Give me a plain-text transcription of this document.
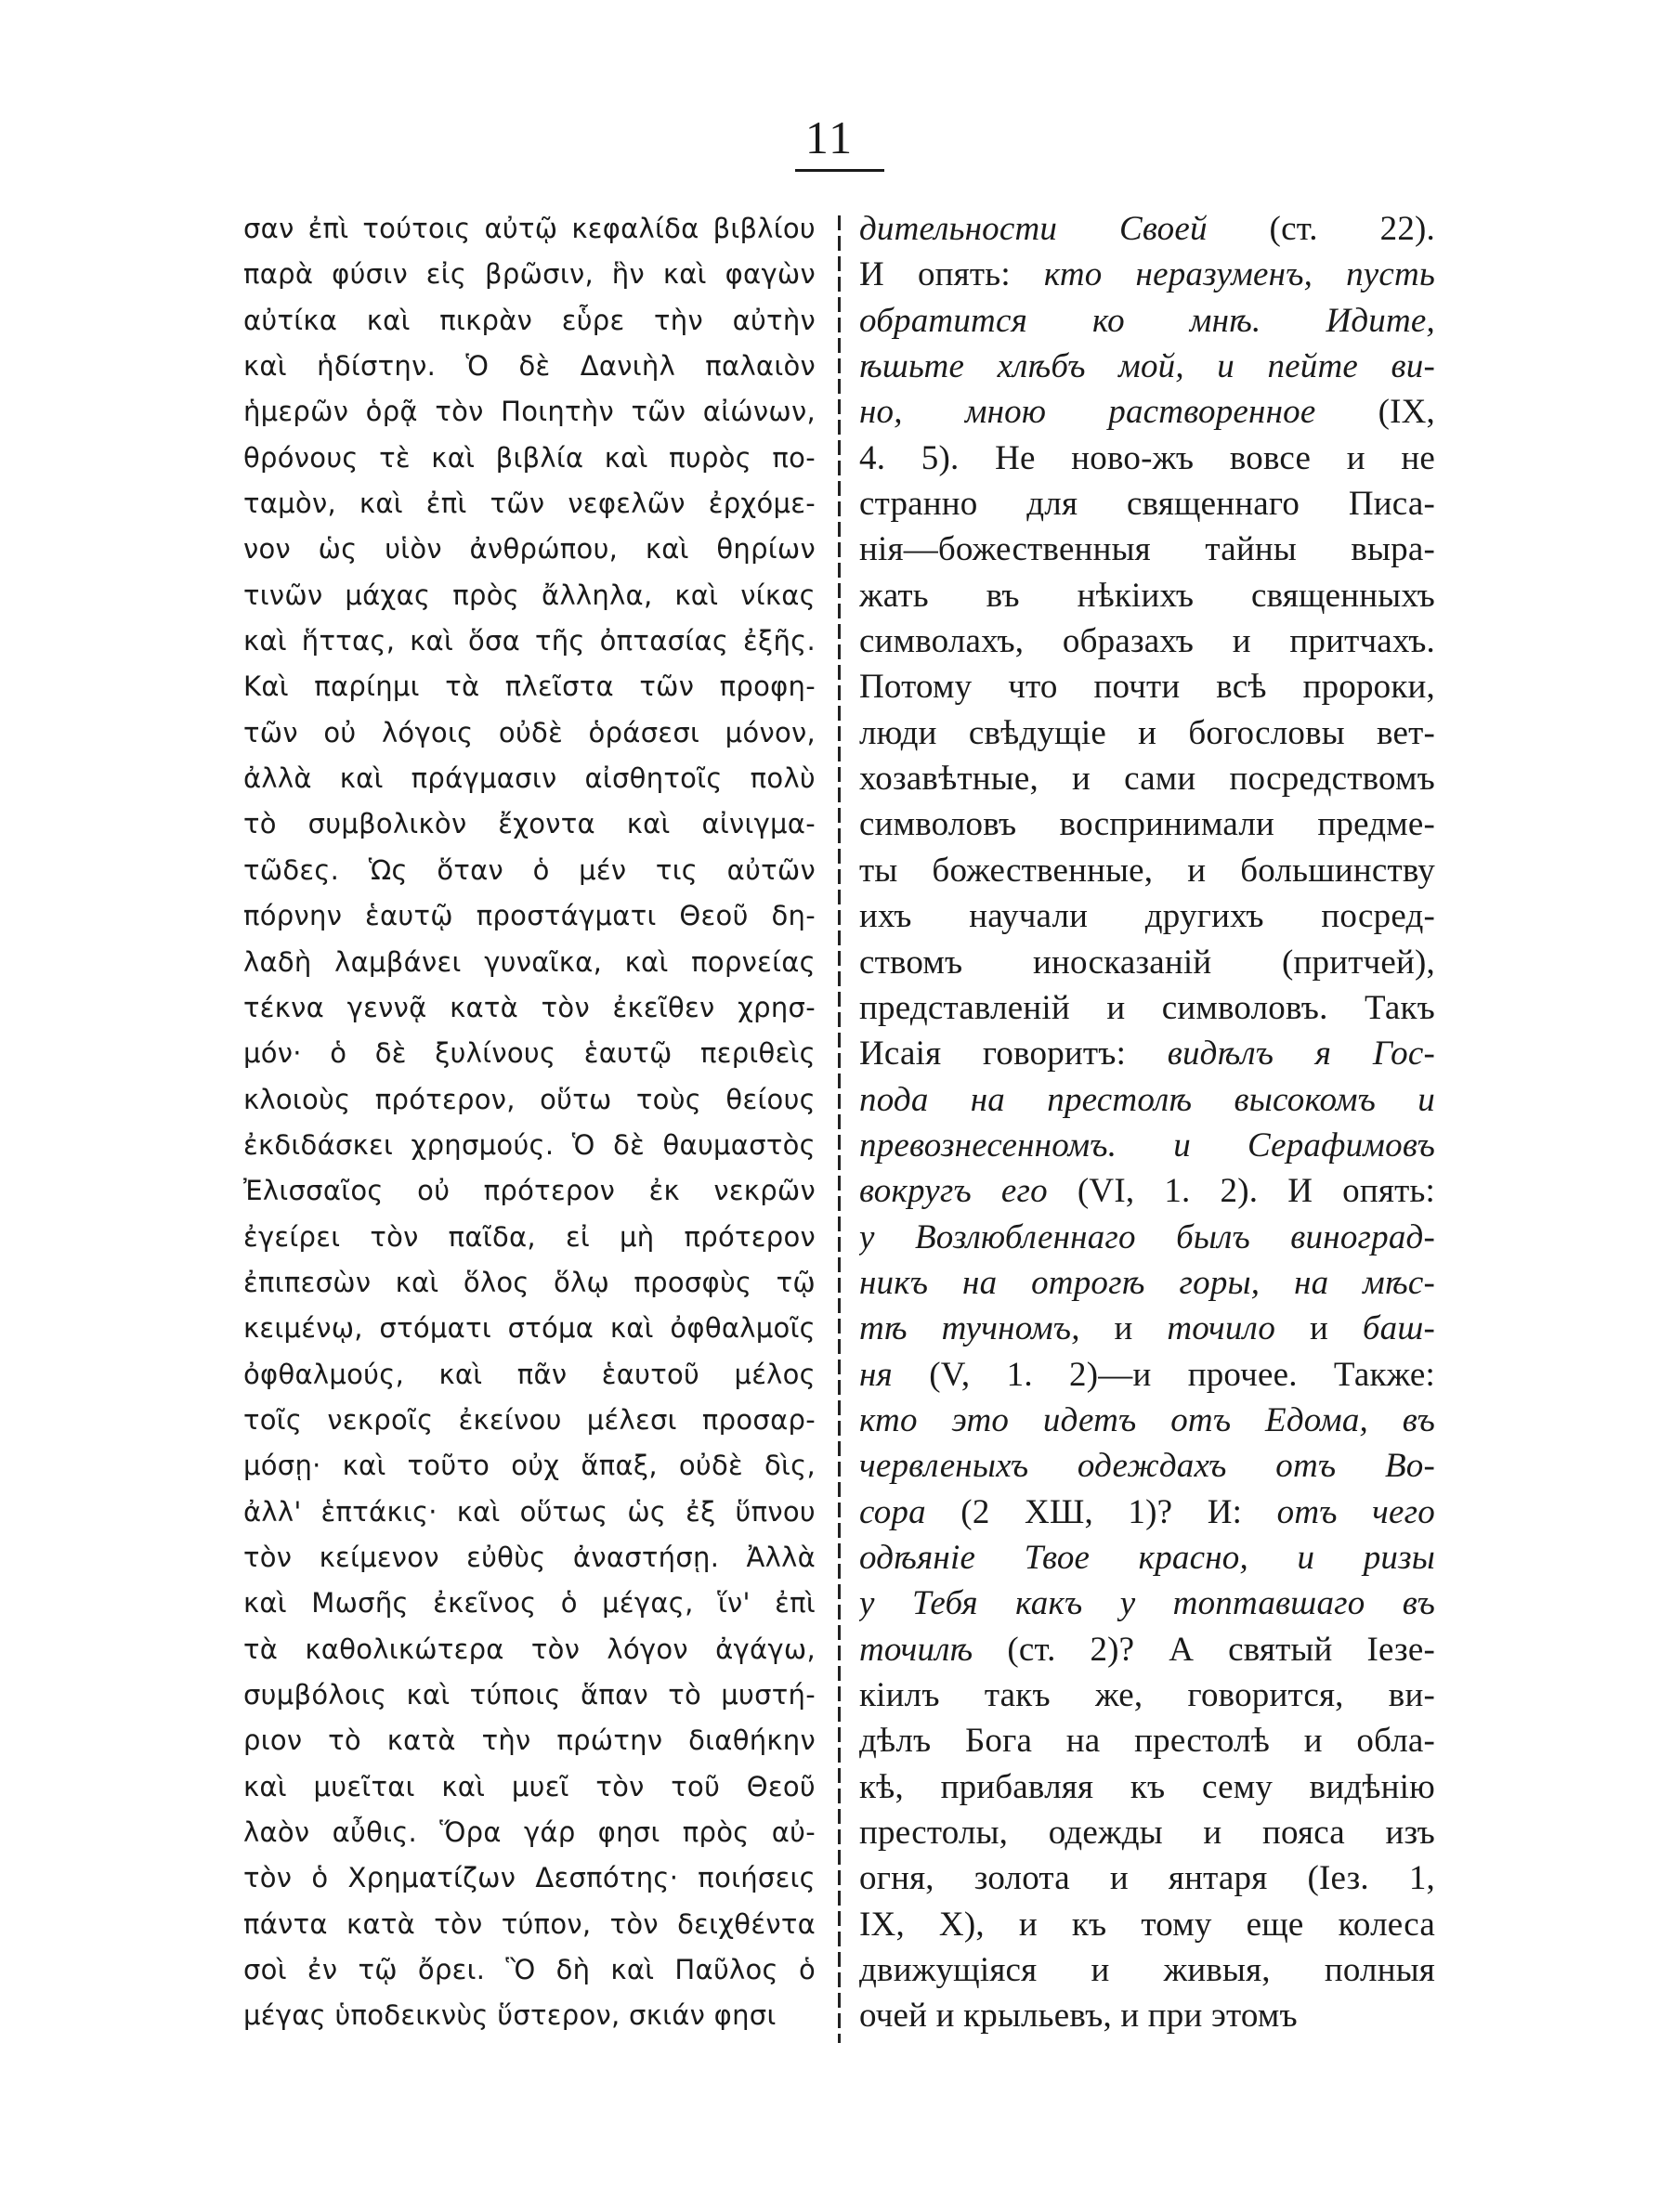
11
σαν ἐπὶ τούτοις αὐτῷ κεφαλίδα βιβλίου
παρὰ φύσιν εἰς βρῶσιν, ἣν καὶ φαγὼν
αὐτίκα καὶ πικρὰν εὗρε τὴν αὐτὴν
καὶ ἡδίστην. Ὁ δὲ Δανιὴλ παλαιὸν
ἡμερῶν ὁρᾷ τὸν Ποιητὴν τῶν αἰώνων,
θρόνους τὲ καὶ βιβλία καὶ πυρὸς πο-
ταμὸν, καὶ ἐπὶ τῶν νεφελῶν ἐρχόμε-
νον ὡς υἱὸν ἀνθρώπου, καὶ θηρίων
τινῶν μάχας πρὸς ἄλληλα, καὶ νίκας
καὶ ἥττας, καὶ ὅσα τῆς ὀπτασίας ἐξῆς.
Καὶ παρίημι τὰ πλεῖστα τῶν προφη-
τῶν οὐ λόγοις οὐδὲ ὁράσεσι μόνον,
ἀλλὰ καὶ πράγμασιν αἰσθητοῖς πολὺ
τὸ συμβολικὸν ἔχοντα καὶ αἰνιγμα-
τῶδες. Ὡς ὅταν ὁ μέν τις αὐτῶν
πόρνην ἑαυτῷ προστάγματι Θεοῦ δη-
λαδὴ λαμβάνει γυναῖκα, καὶ πορνείας
τέκνα γεννᾷ κατὰ τὸν ἐκεῖθεν χρησ-
μόν· ὁ δὲ ξυλίνους ἑαυτῷ περιθεὶς
κλοιοὺς πρότερον, οὕτω τοὺς θείους
ἐκδιδάσκει χρησμούς. Ὁ δὲ θαυμαστὸς
Ἐλισσαῖος οὐ πρότερον ἐκ νεκρῶν
ἐγείρει τὸν παῖδα, εἰ μὴ πρότερον
ἐπιπεσὼν καὶ ὅλος ὅλῳ προσφὺς τῷ
κειμένῳ, στόματι στόμα καὶ ὀφθαλμοῖς
ὀφθαλμούς, καὶ πᾶν ἑαυτοῦ μέλος
τοῖς νεκροῖς ἐκείνου μέλεσι προσαρ-
μόσῃ· καὶ τοῦτο οὐχ ἅπαξ, οὐδὲ δὶς,
ἀλλ' ἑπτάκις· καὶ οὕτως ὡς ἐξ ὕπνου
τὸν κείμενον εὐθὺς ἀναστήσῃ. Ἀλλὰ
καὶ Μωσῆς ἐκεῖνος ὁ μέγας, ἵν' ἐπὶ
τὰ καθολικώτερα τὸν λόγον ἀγάγω,
συμβόλοις καὶ τύποις ἅπαν τὸ μυστή-
ριον τὸ κατὰ τὴν πρώτην διαθήκην
καὶ μυεῖται καὶ μυεῖ τὸν τοῦ Θεοῦ
λαὸν αὖθις. Ὅρα γάρ φησι πρὸς αὐ-
τὸν ὁ Χρηματίζων Δεσπότης· ποιήσεις
πάντα κατὰ τὸν τύπον, τὸν δειχθέντα
σοὶ ἐν τῷ ὄρει. Ὃ δὴ καὶ Παῦλος ὁ
μέγας ὑποδεικνὺς ὕστερον, σκιάν φησι
дительности Своей (ст. 22).
И опять: кто неразуменъ, пусть
обратится ко мнѣ. Идите,
ѣшьте хлѣбъ мой, и пейте ви-
но, мною растворенное (IX,
4. 5). Не ново-жъ вовсе и не
странно для священнаго Писа-
нія—божественныя тайны выра-
жать въ нѣкіихъ священныхъ
символахъ, образахъ и притчахъ.
Потому что почти всѣ пророки,
люди свѣдущіе и богословы вет-
хозавѣтные, и сами посредствомъ
символовъ воспринимали предме-
ты божественные, и большинству
ихъ научали другихъ посред-
ствомъ иносказаній (притчей),
представленій и символовъ. Такъ
Исаія говоритъ: видѣлъ я Гос-
пода на престолѣ высокомъ и
превознесенномъ. и Серафимовъ
вокругъ его (VI, 1. 2). И опять:
у Возлюбленнаго былъ виноград-
никъ на отрогѣ горы, на мѣс-
тѣ тучномъ, и точило и баш-
ня (V, 1. 2)—и прочее. Также:
кто это идетъ отъ Едома, въ
червленыхъ одеждахъ отъ Во-
сора (2 ХШ, 1)? И: отъ чего
одѣяніе Твое красно, и ризы
у Тебя какъ у топтавшаго въ
точилѣ (ст. 2)? А святый Іезе-
кіилъ такъ же, говорится, ви-
дѣлъ Бога на престолѣ и обла-
кѣ, прибавляя къ сему видѣнію
престолы, одежды и пояса изъ
огня, золота и янтаря (Іез. 1,
IX, X), и къ тому еще колеса
движущіяся и живыя, полныя
очей и крыльевъ, и при этомъ
